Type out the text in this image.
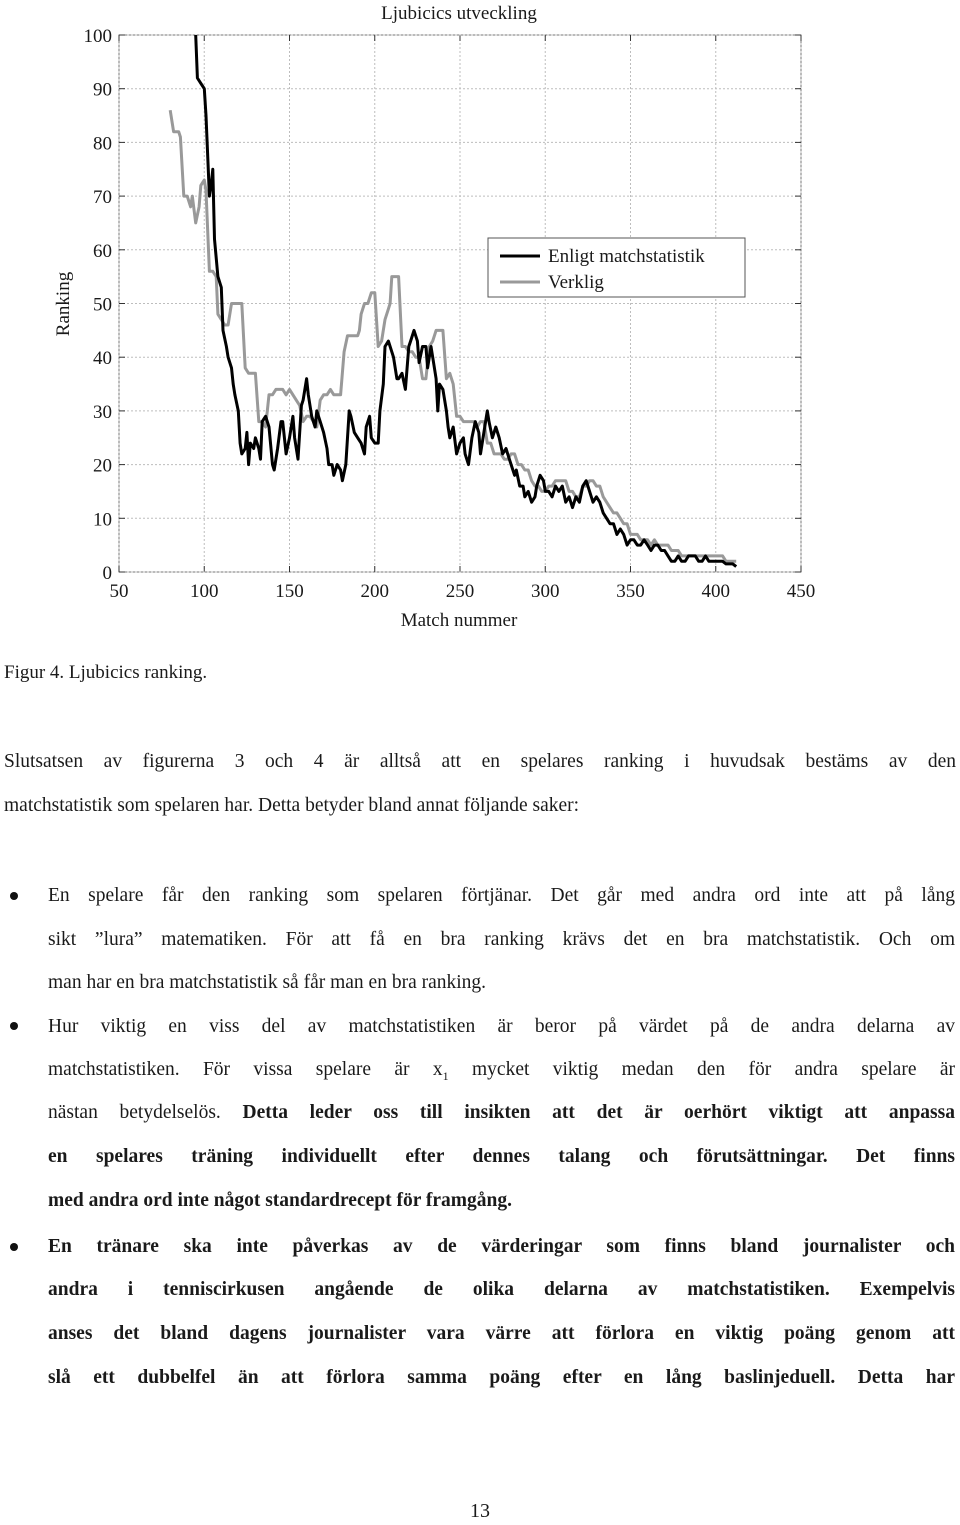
50	100	150	200	250	300	350	400	450
0
10
20
30
40
50
60
70
80
90
100
Ljubicics utveckling
Match nummer
Ranking
Enligt matchstatistik
Verklig
Figur 4. Ljubicics ranking.
Slutsatsen av figurerna 3 och 4 är alltså att en spelares ranking i huvudsak bestäms av den
matchstatistik som spelaren har. Detta betyder bland annat följande saker:
En spelare får den ranking som spelaren förtjänar. Det går med andra ord inte att på lång
sikt ”lura” matematiken. För att få en bra ranking krävs det en bra matchstatistik. Och om
man har en bra matchstatistik så får man en bra ranking.
Hur viktig en viss del av matchstatistiken är beror på värdet på de andra delarna av
matchstatistiken. För vissa spelare är $x_1$ mycket viktig medan den för andra spelare är
nästan betydelselös. Detta leder oss till insikten att det är oerhört viktigt att anpassa
en spelares träning individuellt efter dennes talang och förutsättningar. Det finns
med andra ord inte något standardrecept för framgång.
En tränare ska inte påverkas av de värderingar som finns bland journalister och
andra i tenniscirkusen angående de olika delarna av matchstatistiken. Exempelvis
anses det bland dagens journalister vara värre att förlora en viktig poäng genom att
slå ett dubbelfel än att förlora samma poäng efter en lång baslinjeduell. Detta har
13
